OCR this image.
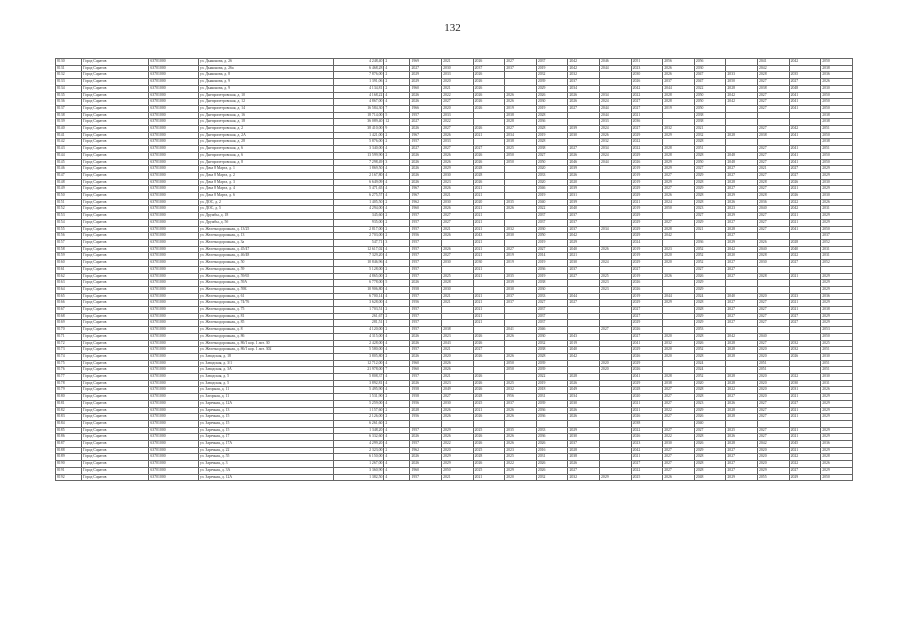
132
8130	Город Саратов	63701000	ул. Дьяконова, д. 26	4 248,40	2	1969	2021	2026	2027	2037	2042	2046	2051	2056	2056		2041	2042	2050
8131	Город Саратов	63701000	ул. Дьяконова, д. 26а	6 468,28	4	2027	2030	2037	2037	2019	2042	2044	2023	2026	2030		2042		2038
8132	Город Саратов	63701000	ул. Дьяконова, д. 8	7 876,00	2	2029	2033	2026		2032	2032		2030	2026	2047	2033	2028	2035	2036
8133	Город Саратов	63701000	ул. Дьяконова, д. 9	1 391,06	2	2029	2020	2026		2039	2037		2026	2037	2047	2050	2027	2027	2026
8134	Город Саратов	63701000	ул. Дьяконова, д. 9	4 134,81	2	1960	2021	2026		2029	2034		2042	2044	2022	2028	2038	2048	2030
8135	Город Саратов	63701000	ул. Днепропетровская, д. 10	4 168,22	4	2026	2022	2026	2026	2026	2026	2034	2022	2028	2050	2042	2027	2041	2050
8136	Город Саратов	63701000	ул. Днепропетровская, д. 12	4 867,00	4	2026	2027	2026	2026	2030	2026	2024	2027	2028	2050	2042	2027	2041	2050
8137	Город Саратов	63701000	ул. Днепропетровская, д. 14	16 584,30	7	1966	2020	2026	2019	2019	2027	2044	2027	2019	2050		2027	2041	2050
8138	Город Саратов	63701000	ул. Днепропетровская, д. 16	18 714,00	5	1957	2033		2038	2028		2044	2021		2038				2038
8139	Город Саратов	63701000	ул. Днепропетровская, д. 18	36 089,40	12	2027	2022		2028	2036		2033	2036		2038				2038
8140	Город Саратов	63701000	ул. Днепропетровская, д. 2	38 410,00	9	2026	2027	2026	2027	2028	2039	2024	2027	2032	2021		2027	2042	2051
8141	Город Саратов	63701000	ул. Днепропетровская, д. 2А	1 421,00	2	1967	2026	2021	2034	2019	2030	2026	2029	2029	2032	2028	2038	2041	2050
8142	Город Саратов	63701000	ул. Днепропетровская, д. 28	5 876,00	2	1957	2033		2038	2028		2032	2022		2028				2038
8143	Город Саратов	63701000	ул. Днепропетровская, д. 6	3 340,00	4	2027	2027	2027	2025	2038	2027	2034	2022	2028	2051		2027	2041	2051
8144	Город Саратов	63701000	ул. Днепропетровская, д. 6	13 599,90	2	2026	2026	2026	2050	2027	2026	2024	2029	2028	2028	2048	2027	2041	2050
8145	Город Саратов	63701000	ул. Днепропетровская, д. 8	7 298,49	3	2026	2026	2026	2050	2050	2046	2044	2026	2029	2050	2048	2027	2041	2050
8146	Город Саратов	63701000	ул. Дача 8 Марта, д. 1	1 869,50	4	2026	2029	2028		2020	2039		2019	2029	2027	2027	2021	2027	2029
8147	Город Саратов	63701000	ул. Дача 8 Марта, д. 2	2 167,80	4	2026	2030	2028		2033	2026		2019	2027	2029	2027	2027	2027	2029
8148	Город Саратов	63701000	ул. Дача 8 Марта, д. 3	6 649,09	4	2026	2023	2026		2020	2020		2019	2029	2028	2028	2028	2026	2030
8149	Город Саратов	63701000	ул. Дача 8 Марта, д. 4	5 471,65	4	1967	2026	2021		2046	2039		2029	2027	2029	2027	2027	2021	2029
8150	Город Саратов	63701000	ул. Дача 8 Марта, д. 6	6 275,57	4	1967	2021	2021		2019	2031		2029	2026	2028	2029	2028	2026	2030
8151	Город Саратов	63701000	ул. ДОС, д. 2	1 405,50	2	1962	2030	2020	2035	2040	2039		2021	2024	2028	2026	2036	2022	2026
8152	Город Саратов	63701000	ул. ДОС, д. 5	4 294,00	4	1960	2026	2021	2026	2022	2040		2019	2050	2023	2023	2040	2042	2031
8153	Город Саратов	63701000	ул. Дружбы, д. 18	345,60	2	1957	2027	2021		2037	2037		2029		2027	2029	2027	2021	2029
8154	Город Саратов	63701000	ул. Дружбы, д. 5б	935,00	2	1957	2027	2021		2037	2037		2029	2027	2029	2027	2027	2021	2029
8155	Город Саратов	63701000	ул. Железнодорожная, д. 13/25	2 817,00	2	1957	2021	2021	2032	2030	2037	2034	2029	2028	2021	2028	2027	2041	2050
8156	Город Саратов	63701000	ул. Железнодорожная, д. 13	2 703,00	2	1956	2026	2043	2030	2050	2042		2029	2042		2027			2037
8157	Город Саратов	63701000	ул. Железнодорожная, д. 3а	547,71	3	1957		2021		2019	2029		2024		2036	2029	2026	2028	2052
8158	Город Саратов	63701000	ул. Железнодорожная, д. 45/47	12 617,02	4	1957	2026	2021	2027	2027	2040	2026	2019	2023	2052	2042	2040	2040	2031
8159	Город Саратов	63701000	ул. Железнодорожная, д. 46/48	7 329,20	4	1957	2027	2021	2019	2014	2021		2019	2020	2052	2020	2028	2022	2031
8160	Город Саратов	63701000	ул. Железнодорожная, д. 50	10 846,96	4	1957	2030	2030	2019	2019	2030	2024	2029	2020	2052	2027	2030	2027	2052
8161	Город Саратов	63701000	ул. Железнодорожная, д. 59	5 128,00	2	1957		2021		2036	2037		2027		2027	2027			
8162	Город Саратов	63701000	ул. Железнодорожная, д. 59/65	4 865,00	2	1957	2025	2021	2035	2019	2027	2025	2019	2026	2026	2027	2028	2021	2029
8163	Город Саратов	63701000	ул. Железнодорожная, д. 59А	6 778,00	5	2026	2028		2039	2038		2023	2026		2029				2029
8164	Город Саратов	63701000	ул. Железнодорожная, д. 59Б	10 906,80	4	1958	2030		2030	2030		2023	2026		2029				2029
8165	Город Саратов	63701000	ул. Железнодорожная, д. 61	6 700,14	4	1957	2021	2021	2037	2033	2044		2019	2044	2024	2040	2020	2023	2036
8166	Город Саратов	63701000	ул. Железнодорожная, д. 74/76	3 628,00	4	1956	2021	2021	2037	2027	2027		2029	2029	2028	2027	2027	2021	2029
8167	Город Саратов	63701000	ул. Железнодорожная, д. 75	1 703,51	2	1957		2021		2037			2027		2028	2027	2027	2021	2038
8168	Город Саратов	63701000	ул. Железнодорожная, д. 81	261,67	2	1957		2021		2037			2027		2029	2027	2027	2027	2029
8169	Город Саратов	63701000	ул. Железнодорожная, д. 85	281,51	1	1957		2021		2037			2029		2029	2027	2027	2027	2029
8170	Город Саратов	63701000	ул. Железнодорожная, д. 8	4 120,00	2	1957	2038		2041	2046		2027	2026		2053				2053
8171	Город Саратов	63701000	ул. Железнодорожная, д. 86	4 315,00	4	2026	2023	2026	2026	2030	2043		2027	2020	2028	2042	2040		2050
8172	Город Саратов	63701000	ул. Железнодорожная, д. 86/1 кор. 1 лит. 30	2 428,00	4	2026	2043	2026		2032	2019		2041	2032	2026	2028	2027	2032	2025
8173	Город Саратов	63701000	ул. Железнодорожная, д. 86/1 кор. 1 лит. 302	5 580,00	4	1957	2021	2027		2038	2040		2029	2020	2052	2028	2020	2032	2051
8174	Город Саратов	63701000	ул. Заводская, д. 18	3 805,80	2	2026	2020	2026	2026	2028	2042		2026	2020	2028	2028	2020	2026	2030
8175	Город Саратов	63701000	ул. Заводская, д. 3/1	12 712,00	4	1960	2026		2050	2039		2020	2029		2024		2051		2051
8176	Город Саратов	63701000	ул. Заводская, д. 3А	21 978,00	7	1960	2026		2050	2039		2020	2026		2024		2051		2051
8177	Город Саратов	63701000	ул. Заводская, д. 5	5 808,37	4	1957	2021	2026		2022	2028		2041	2028	2052	2028	2020	2022	2030
8178	Город Саратов	63701000	ул. Заводская, д. 5	3 892,81	4	2026	2023	2026	2025	2019	2026		2029	2038	2020	2028	2020	2030	2031
8179	Город Саратов	63701000	ул. Загорная, д. 11	5 495,90	4	1958	2049	2026	2032	2018	2049		2028	2027	2028	2022	2020	2031	2026
8180	Город Саратов	63701000	ул. Загорная, д. 11	1 531,90	2	1958	2027	2028	1956	2031	2034		2020	2027	2028	2027	2020	2021	2029
8181	Город Саратов	63701000	ул. Заречная, д. 12А	5 259,00	4	1956	2030	2025	2037	2039	2030		2021	2027	2023	2026	2027	2027	2029
8182	Город Саратов	63701000	ул. Заречная, д. 13	1 157,60	2	2028	2026	2021	2026	2036	2026		2021	2022	2029	2028	2027	2021	2029
8183	Город Саратов	63701000	ул. Заречная, д. 15	2 126,00	2	1956	2026	2026	2026	2036	2026		2026	2027	2026	2028	2027	2021	2029
8184	Город Саратов	63701000	ул. Заречная, д. 15	6 261,60	2								2038		2040				
8185	Город Саратов	63701000	ул. Заречная, д. 15	1 348,20	4	1957	2029	2025	2035	2033	2029		2022	2027	2027	2025	2027	2021	2029
8186	Город Саратов	63701000	ул. Заречная, д. 17	6 332,60	4	2026	2026	2026	2026	2036	2030		2026	2022	2028	2026	2027	2021	2029
8187	Город Саратов	63701000	ул. Заречная, д. 17А	4 299,20	4	1957	2022	2026	2026	2026	2037		2023	2030	2026	2028	2042	2045	2036
8188	Город Саратов	63701000	ул. Заречная, д. 22	2 323,00	2	1962	2020	2025	2023	2016	2028		2042	2027	2029	2027	2020	2021	2029
8189	Город Саратов	63701000	ул. Заречная, д. 55	6 150,00	4	2026	2029	2028	2025	2031	2038		2021	2027	2028	2027	2020	2022	2028
8190	Город Саратов	63701000	ул. Заречная, д. 3	1 267,00	4	2026	2029	2026	2022	2026	2026		2027	2027	2028	2027	2020	2022	2026
8191	Город Саратов	63701000	ул. Заречная, д. 3А	3 360,90	4	1960	2050	2025	2029	2026	2027		2022	2027	2028	2027	2029	2027	2029
8192	Город Саратов	63701000	ул. Заречная, д. 12А	1 382,50	4	1957	2021	2021	2020	2032	2032	2029	2025	2026	2048	2029	2055	2029	2050
